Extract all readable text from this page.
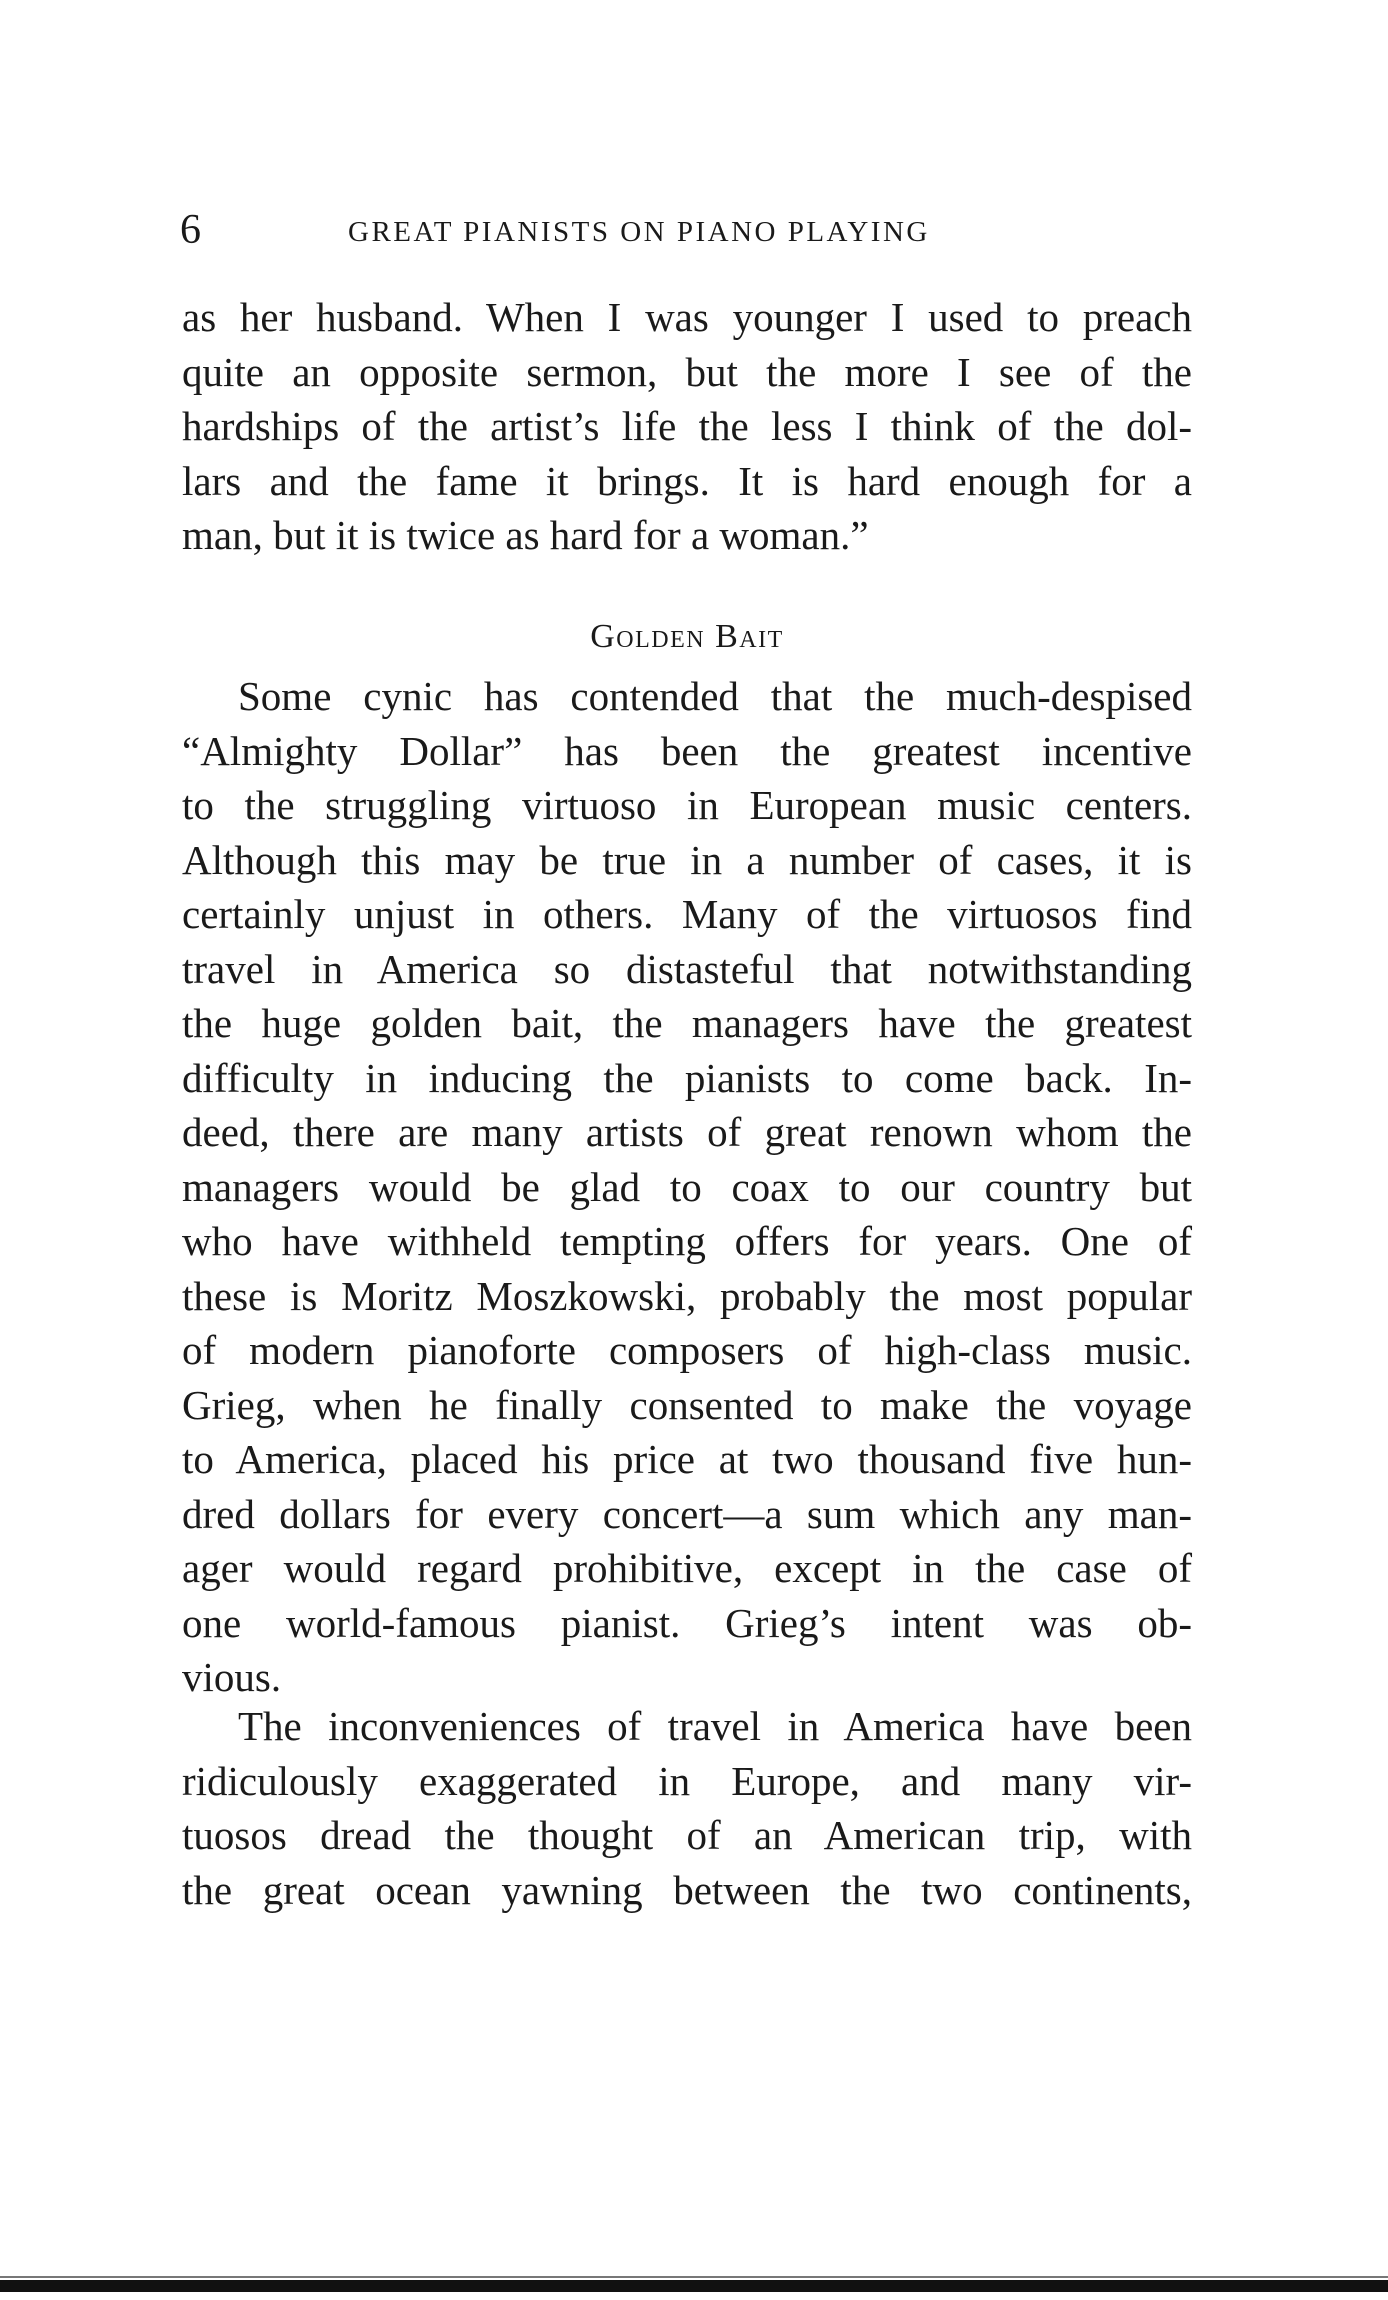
6	GREAT PIANISTS ON PIANO PLAYING
as her husband. When I was younger I used to preach
quite an opposite sermon, but the more I see of the
hardships of the artist’s life the less I think of the dol-
lars and the fame it brings. It is hard enough for a
man, but it is twice as hard for a woman.”
Golden Bait
Some cynic has contended that the much-despised
“Almighty Dollar” has been the greatest incentive
to the struggling virtuoso in European music centers.
Although this may be true in a number of cases, it is
certainly unjust in others. Many of the virtuosos find
travel in America so distasteful that notwithstanding
the huge golden bait, the managers have the greatest
difficulty in inducing the pianists to come back. In-
deed, there are many artists of great renown whom the
managers would be glad to coax to our country but
who have withheld tempting offers for years. One of
these is Moritz Moszkowski, probably the most popular
of modern pianoforte composers of high-class music.
Grieg, when he finally consented to make the voyage
to America, placed his price at two thousand five hun-
dred dollars for every concert—a sum which any man-
ager would regard prohibitive, except in the case of
one world-famous pianist. Grieg’s intent was ob-
vious.
The inconveniences of travel in America have been
ridiculously exaggerated in Europe, and many vir-
tuosos dread the thought of an American trip, with
the great ocean yawning between the two continents,
